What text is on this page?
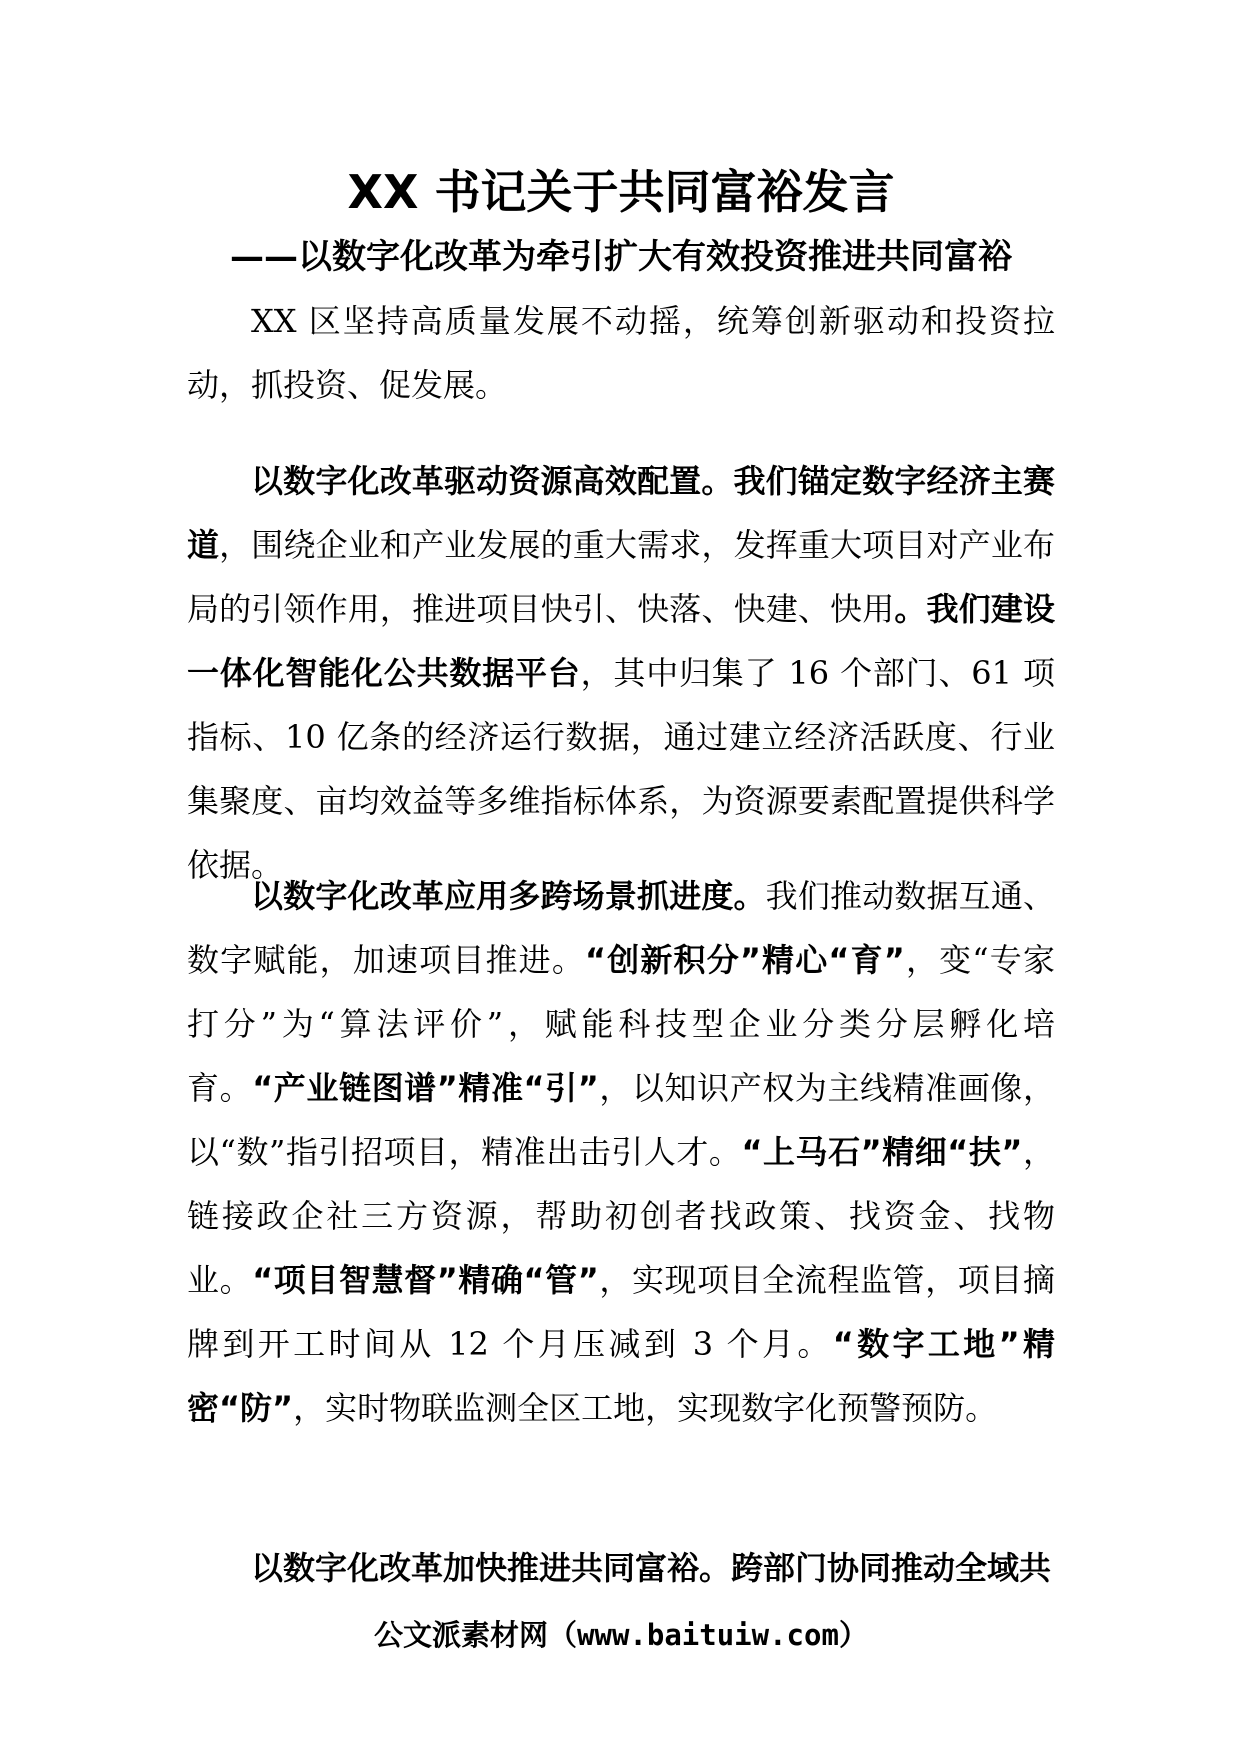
XX 书记关于共同富裕发言
——以数字化改革为牵引扩大有效投资推进共同富裕

XX 区坚持高质量发展不动摇，统筹创新驱动和投资拉动，抓投资、促发展。

以数字化改革驱动资源高效配置。我们锚定数字经济主赛道，围绕企业和产业发展的重大需求，发挥重大项目对产业布局的引领作用，推进项目快引、快落、快建、快用。我们建设一体化智能化公共数据平台，其中归集了 16 个部门、61 项指标、10 亿条的经济运行数据，通过建立经济活跃度、行业集聚度、亩均效益等多维指标体系，为资源要素配置提供科学依据。

以数字化改革应用多跨场景抓进度。我们推动数据互通、数字赋能，加速项目推进。“创新积分”精心“育”，变“专家打分”为“算法评价”，赋能科技型企业分类分层孵化培育。“产业链图谱”精准“引”，以知识产权为主线精准画像，以“数”指引招项目，精准出击引人才。“上马石”精细“扶”，链接政企社三方资源，帮助初创者找政策、找资金、找物业。“项目智慧督”精确“管”，实现项目全流程监管，项目摘牌到开工时间从 12 个月压减到 3 个月。“数字工地”精密“防”，实时物联监测全区工地，实现数字化预警预防。

以数字化改革加快推进共同富裕。跨部门协同推动全域共

公文派素材网（www.baituiw.com）
